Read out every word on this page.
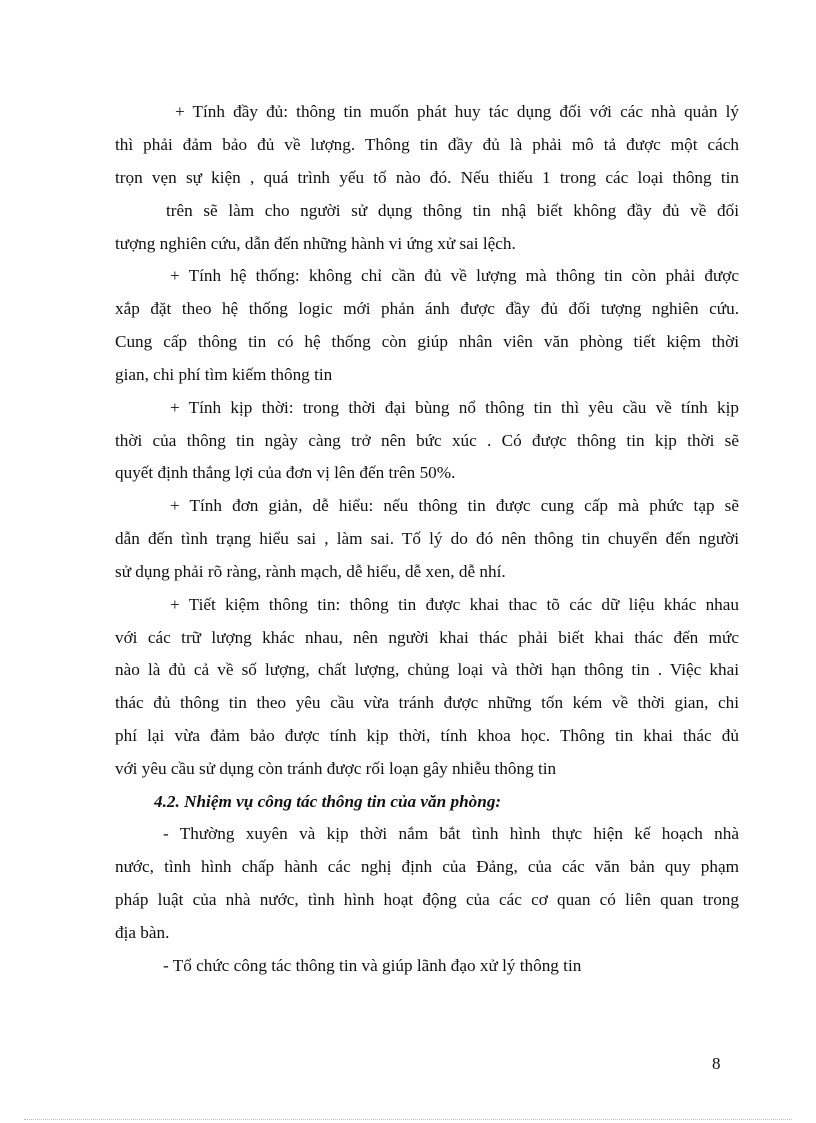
+ Tính đầy đủ: thông tin muốn phát huy tác dụng đối với các nhà quản lý
thì phải đảm bảo đủ về lượng. Thông tin đầy đủ là phải mô tả được một cách
trọn vẹn sự kiện , quá trình yếu tố nào đó. Nếu thiếu 1 trong các loại thông tin
trên sẽ làm cho người sử dụng thông tin nhậ biết không đầy đủ về đối
tượng nghiên cứu, dẫn đến những hành vi ứng xử sai lệch.
+ Tính hệ thống: không chỉ cần đủ về lượng mà thông tin còn phải được
xắp đặt theo hệ thống logic mới phản ánh được đầy đủ đối tượng nghiên cứu.
Cung cấp thông tin có hệ thống còn giúp nhân viên văn phòng tiết kiệm thời
gian, chi phí tìm kiếm thông tin
+ Tính kịp thời: trong thời đại bùng nổ thông tin thì yêu cầu về tính kịp
thời của thông tin ngày càng trở nên bức xúc . Có được thông tin kịp thời sẽ
quyết định thắng lợi của đơn vị lên đến trên 50%.
+ Tính đơn giản, dễ hiểu: nếu thông tin được cung cấp mà phức tạp sẽ
dẫn đến tình trạng hiểu sai , làm sai. Tố lý do đó nên thông tin chuyển đến người
sử dụng phải rõ ràng, rành mạch, dễ hiểu, dễ xen, dễ nhí.
+ Tiết kiệm thông tin: thông tin được khai thac tõ các dữ liệu khác nhau
với các trữ lượng khác nhau, nên người khai thác phải biết khai thác đến mức
nào là đủ cả về số lượng, chất lượng, chủng loại và thời hạn thông tin . Việc khai
thác đủ thông tin theo yêu cầu vừa tránh được những tốn kém về thời gian, chi
phí lại vừa đảm bảo được tính kịp thời, tính khoa học. Thông tin khai thác đủ
với yêu cầu sử dụng còn tránh được rối loạn gây nhiễu thông tin
4.2. Nhiệm vụ công tác thông tin của văn phòng:
- Thường xuyên và kịp thời nắm bắt tình hình thực hiện kế hoạch nhà
nước, tình hình chấp hành các nghị định của Đảng, của các văn bản quy phạm
pháp luật của nhà nước, tình hình hoạt động của các cơ quan có liên quan trong
địa bàn.
- Tổ chức công tác thông tin và giúp lãnh đạo xử lý thông tin
8
